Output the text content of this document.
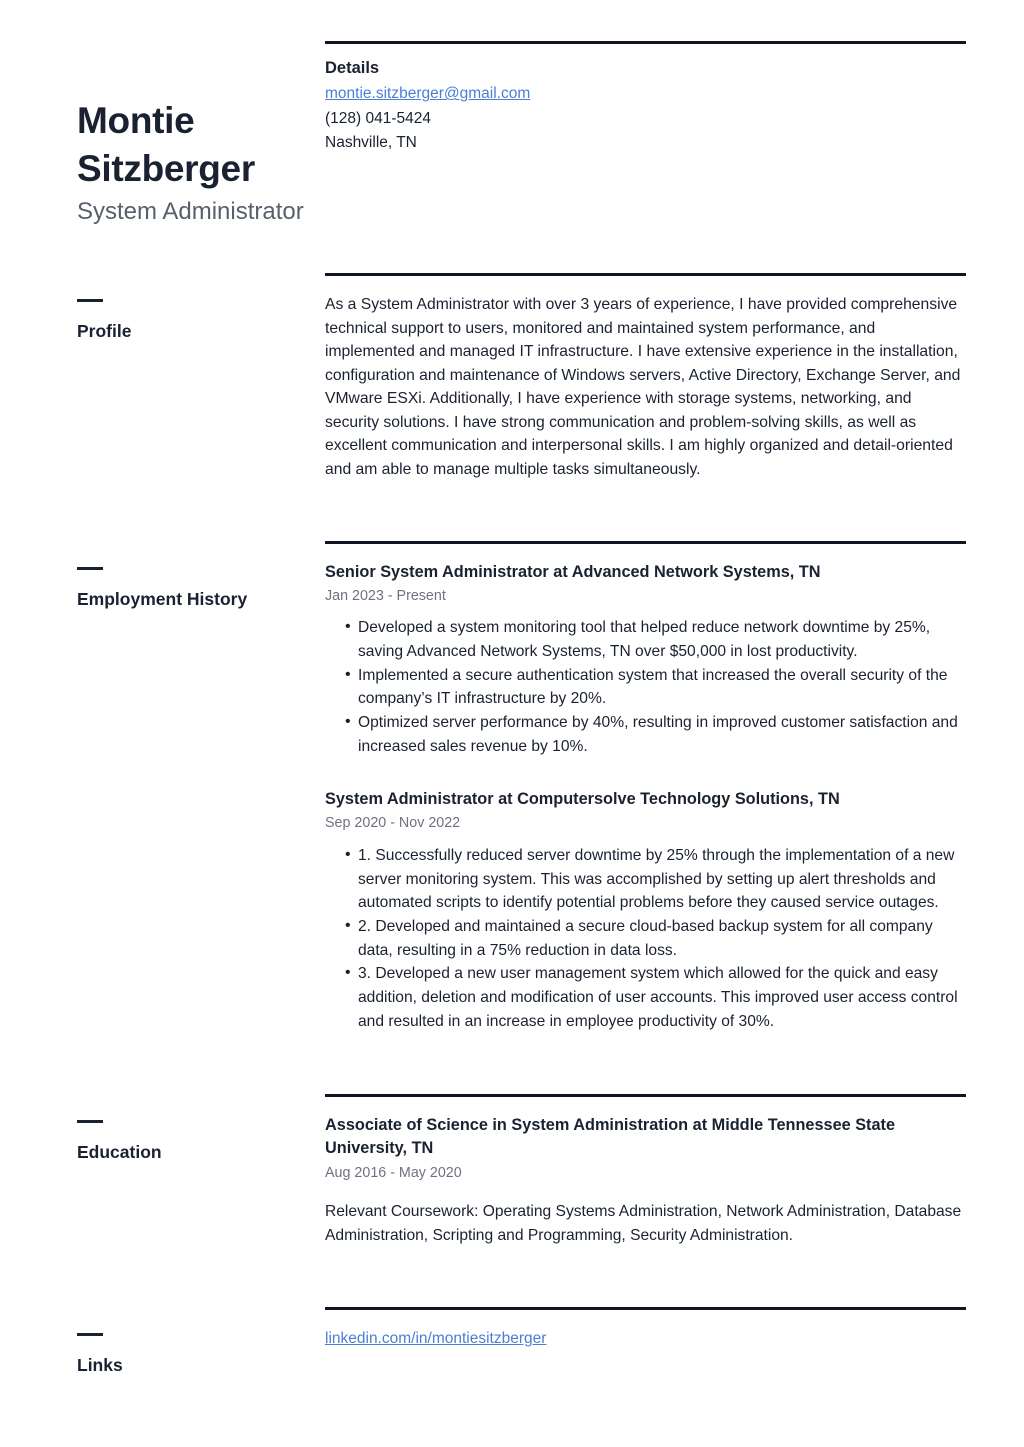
Montie
Sitzberger
System Administrator
Details
montie.sitzberger@gmail.com
(128) 041-5424
Nashville, TN
Profile

As a System Administrator with over 3 years of experience, I have provided comprehensive technical support to users, monitored and maintained system performance, and implemented and managed IT infrastructure. I have extensive experience in the installation, configuration and maintenance of Windows servers, Active Directory, Exchange Server, and VMware ESXi. Additionally, I have experience with storage systems, networking, and security solutions. I have strong communication and problem-solving skills, as well as excellent communication and interpersonal skills. I am highly organized and detail-oriented and am able to manage multiple tasks simultaneously.

Employment History
Senior System Administrator at Advanced Network Systems, TN
Jan 2023 - Present
• Developed a system monitoring tool that helped reduce network downtime by 25%, saving Advanced Network Systems, TN over $50,000 in lost productivity.
• Implemented a secure authentication system that increased the overall security of the company’s IT infrastructure by 20%.
• Optimized server performance by 40%, resulting in improved customer satisfaction and increased sales revenue by 10%.
System Administrator at Computersolve Technology Solutions, TN
Sep 2020 - Nov 2022
• 1. Successfully reduced server downtime by 25% through the implementation of a new server monitoring system. This was accomplished by setting up alert thresholds and automated scripts to identify potential problems before they caused service outages.
• 2. Developed and maintained a secure cloud-based backup system for all company data, resulting in a 75% reduction in data loss.
• 3. Developed a new user management system which allowed for the quick and easy addition, deletion and modification of user accounts. This improved user access control and resulted in an increase in employee productivity of 30%.
Education
Associate of Science in System Administration at Middle Tennessee State University, TN
Aug 2016 - May 2020
Relevant Coursework: Operating Systems Administration, Network Administration, Database Administration, Scripting and Programming, Security Administration.
Links
linkedin.com/in/montiesitzberger
